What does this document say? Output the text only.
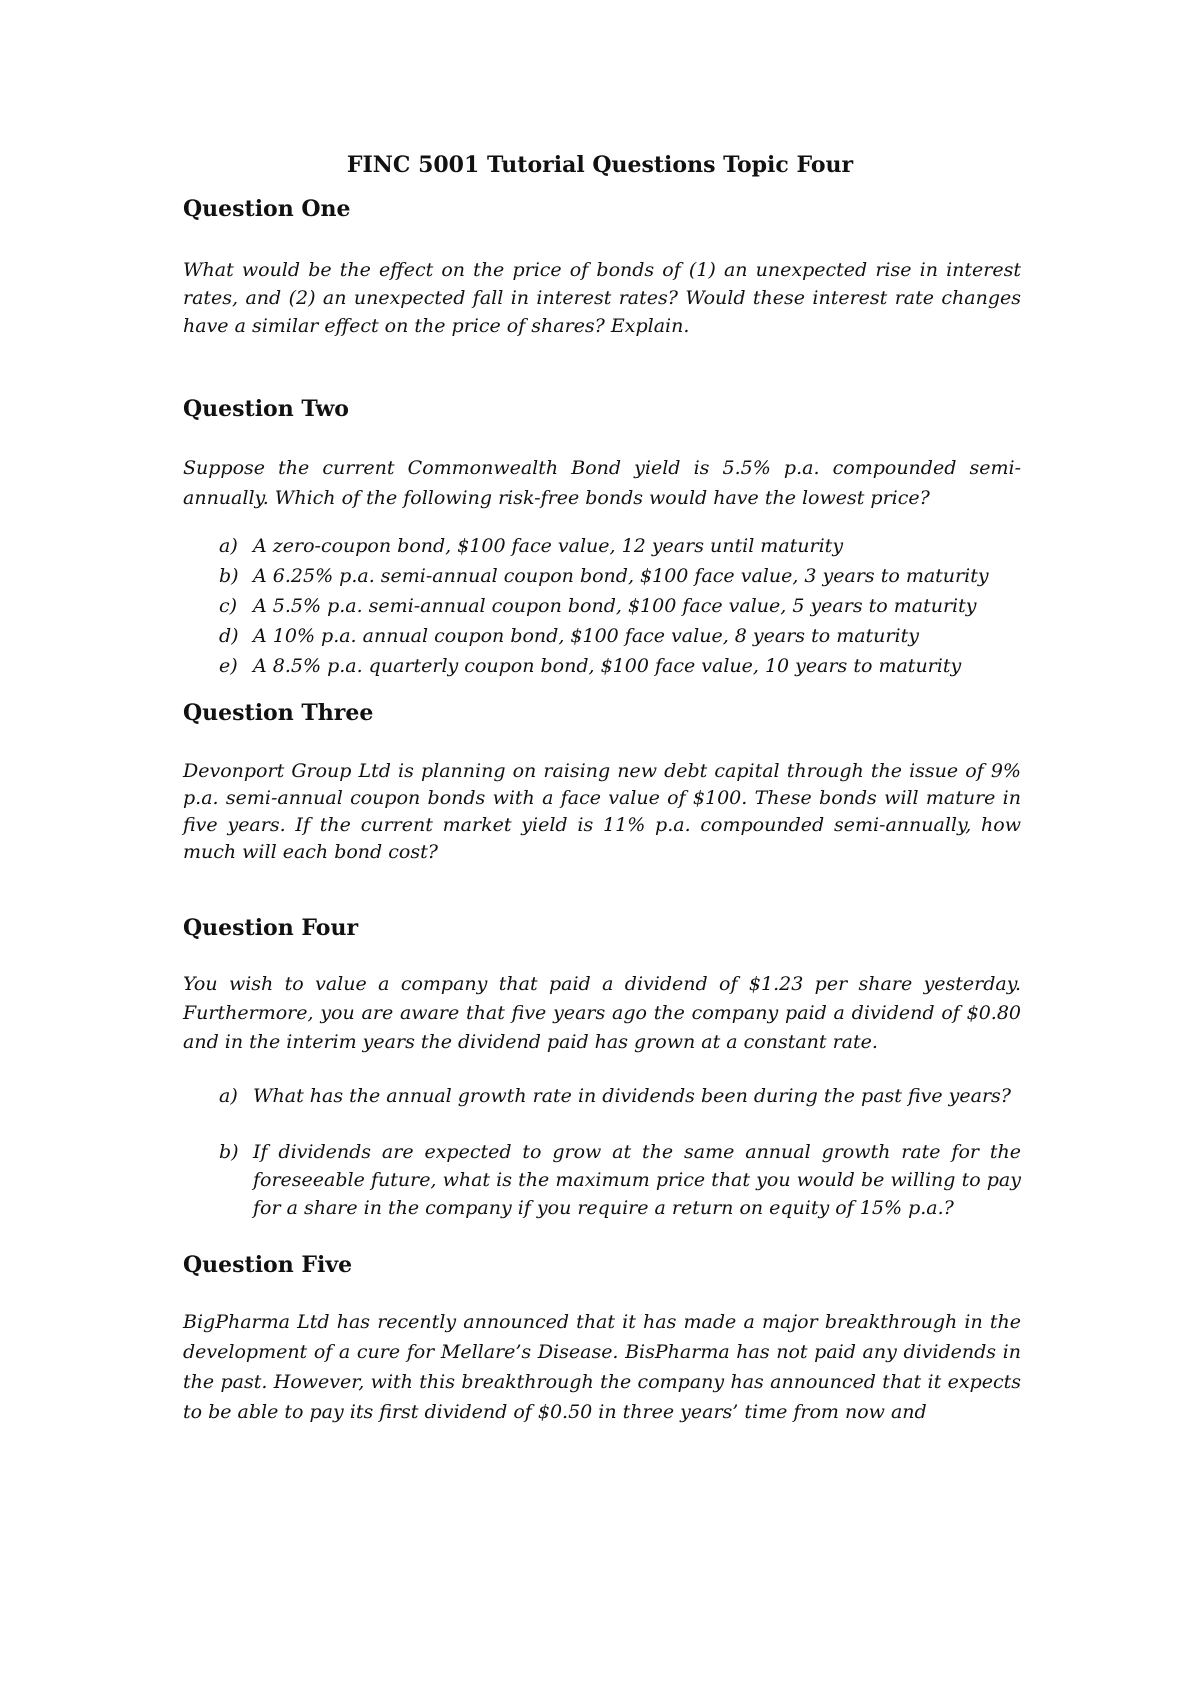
FINC 5001 Tutorial Questions Topic Four
Question One

What would be the effect on the price of bonds of (1) an unexpected rise in interest rates, and (2) an unexpected fall in interest rates? Would these interest rate changes have a similar effect on the price of shares? Explain.

Question Two

Suppose the current Commonwealth Bond yield is 5.5% p.a. compounded semi-annually. Which of the following risk-free bonds would have the lowest price?

a) A zero-coupon bond, $100 face value, 12 years until maturity
b) A 6.25% p.a. semi-annual coupon bond, $100 face value, 3 years to maturity
c) A 5.5% p.a. semi-annual coupon bond, $100 face value, 5 years to maturity
d) A 10% p.a. annual coupon bond, $100 face value, 8 years to maturity
e) A 8.5% p.a. quarterly coupon bond, $100 face value, 10 years to maturity
Question Three

Devonport Group Ltd is planning on raising new debt capital through the issue of 9% p.a. semi-annual coupon bonds with a face value of $100. These bonds will mature in five years. If the current market yield is 11% p.a. compounded semi-annually, how much will each bond cost?

Question Four

You wish to value a company that paid a dividend of $1.23 per share yesterday. Furthermore, you are aware that five years ago the company paid a dividend of $0.80 and in the interim years the dividend paid has grown at a constant rate.

a) What has the annual growth rate in dividends been during the past five years?
b) If dividends are expected to grow at the same annual growth rate for the foreseeable future, what is the maximum price that you would be willing to pay for a share in the company if you require a return on equity of 15% p.a.?
Question Five

BigPharma Ltd has recently announced that it has made a major breakthrough in the development of a cure for Mellare’s Disease. BisPharma has not paid any dividends in the past. However, with this breakthrough the company has announced that it expects to be able to pay its first dividend of $0.50 in three years’ time from now and
